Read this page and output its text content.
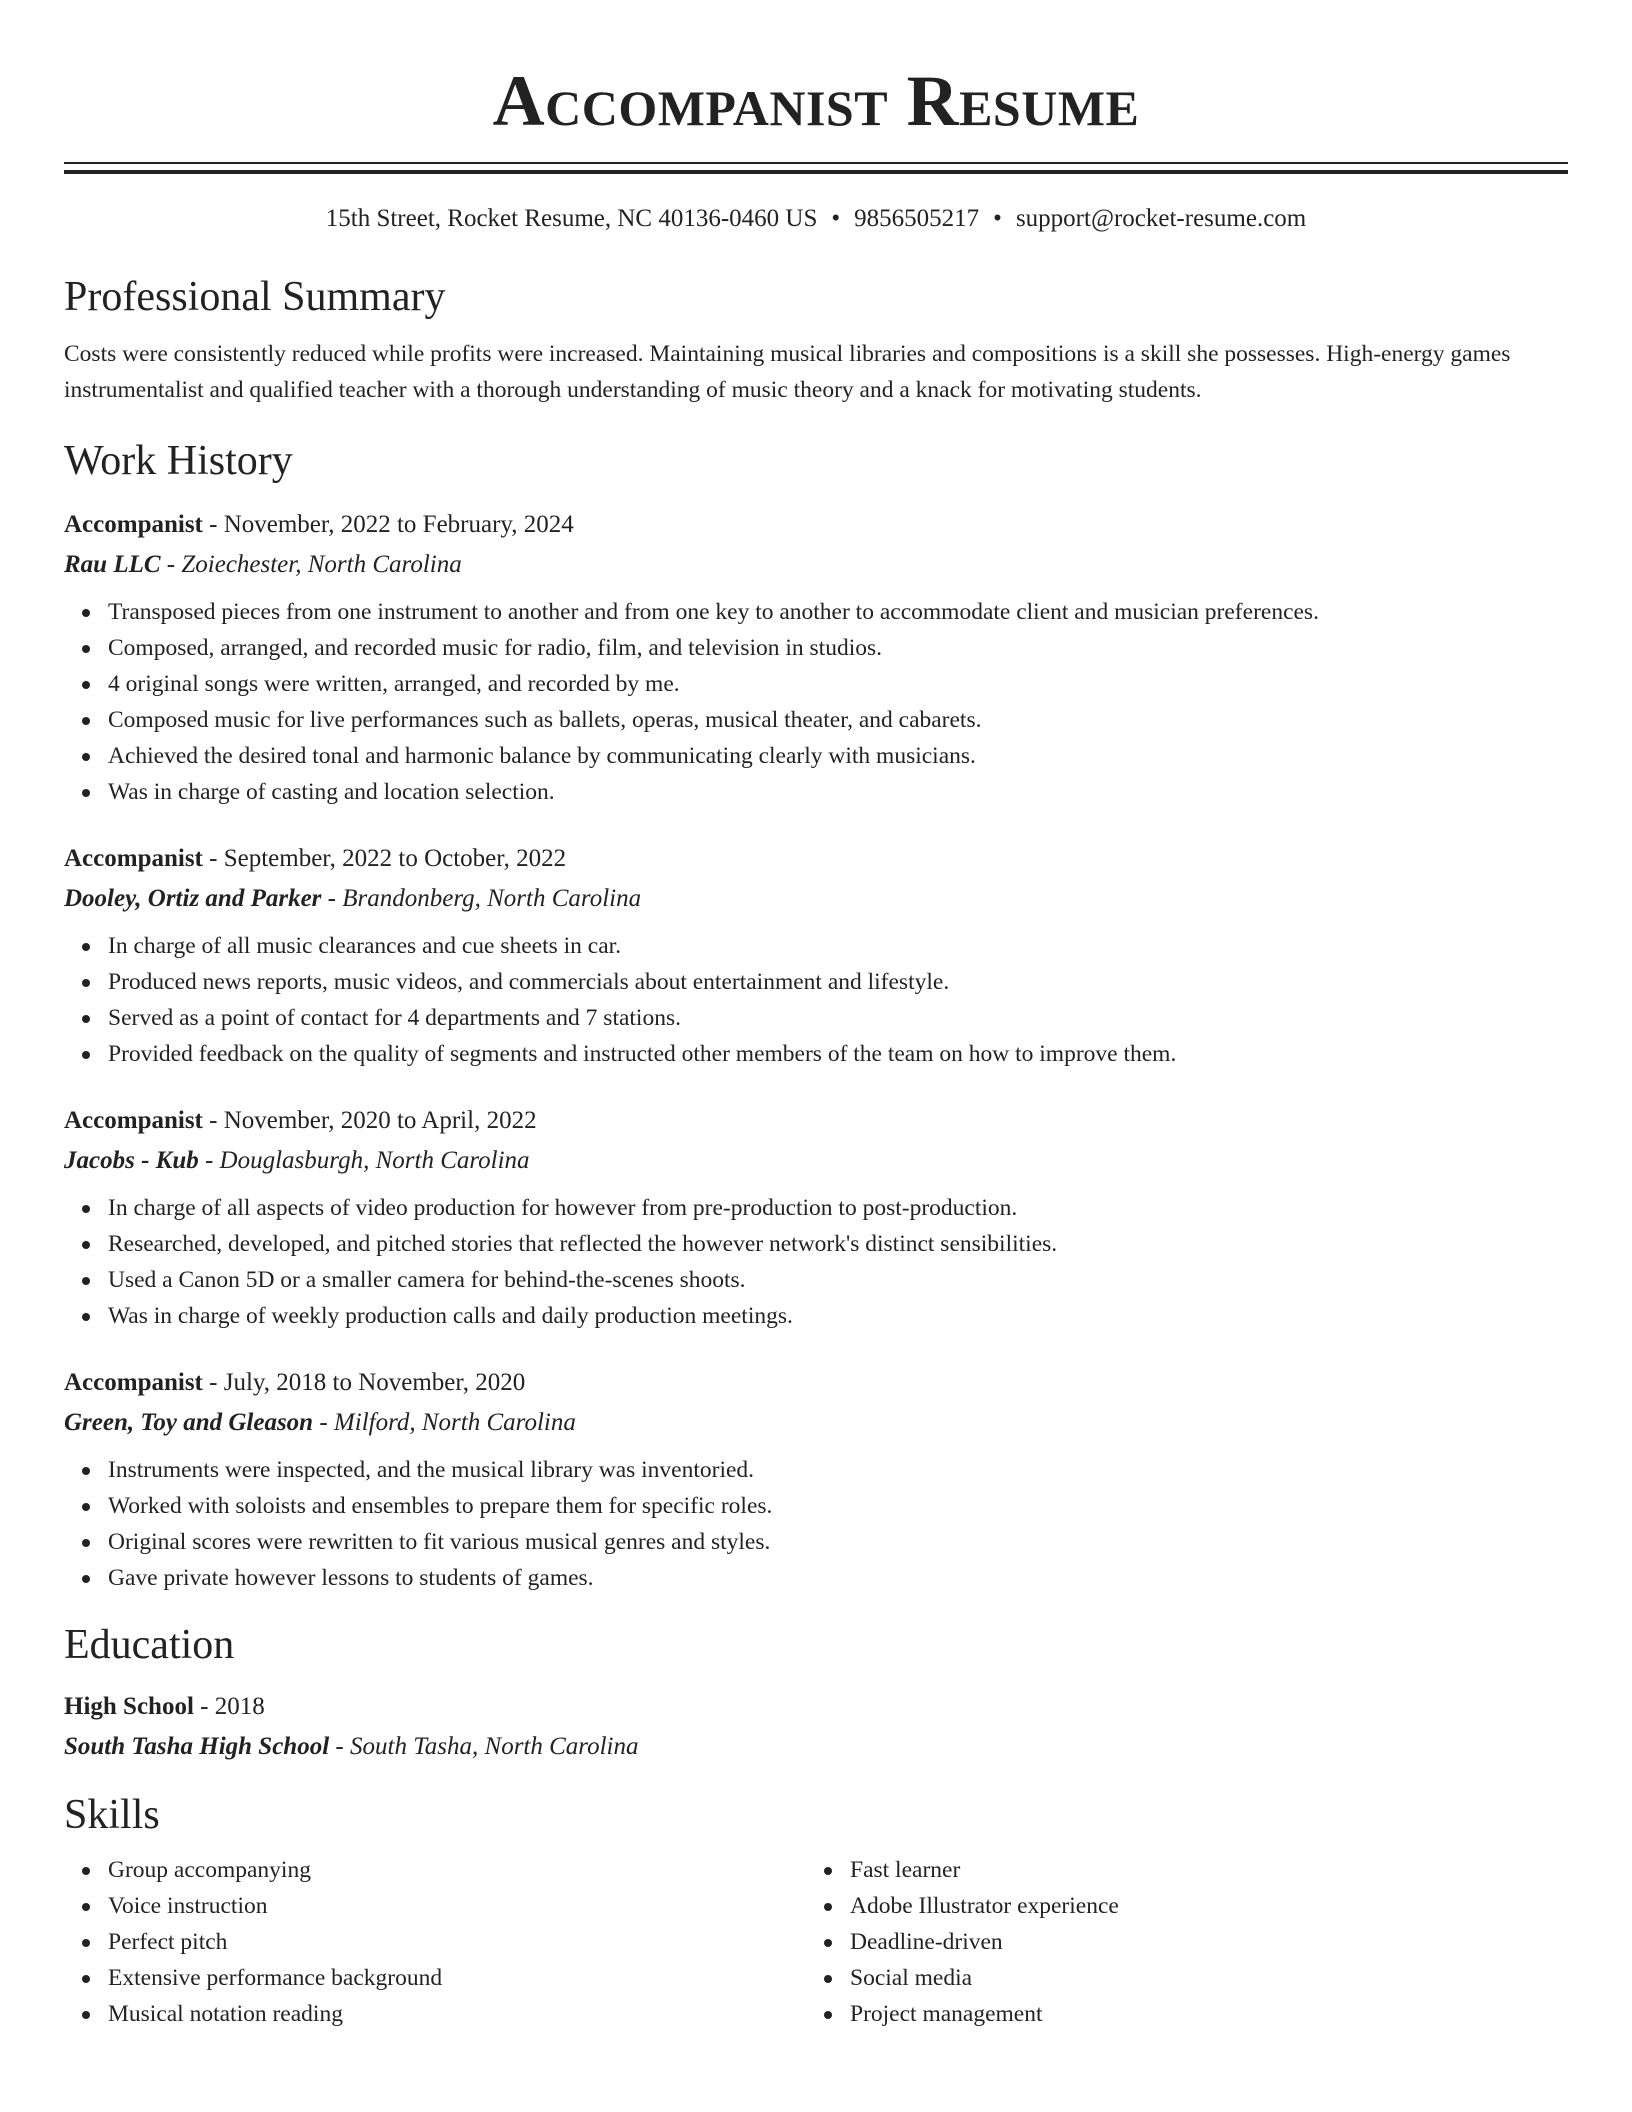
Accompanist Resume
15th Street, Rocket Resume, NC 40136-0460 US • 9856505217 • support@rocket-resume.com
Professional Summary
Costs were consistently reduced while profits were increased. Maintaining musical libraries and compositions is a skill she possesses. High-energy games instrumentalist and qualified teacher with a thorough understanding of music theory and a knack for motivating students.
Work History
Accompanist - November, 2022 to February, 2024
Rau LLC - Zoiechester, North Carolina
Transposed pieces from one instrument to another and from one key to another to accommodate client and musician preferences.
Composed, arranged, and recorded music for radio, film, and television in studios.
4 original songs were written, arranged, and recorded by me.
Composed music for live performances such as ballets, operas, musical theater, and cabarets.
Achieved the desired tonal and harmonic balance by communicating clearly with musicians.
Was in charge of casting and location selection.
Accompanist - September, 2022 to October, 2022
Dooley, Ortiz and Parker - Brandonberg, North Carolina
In charge of all music clearances and cue sheets in car.
Produced news reports, music videos, and commercials about entertainment and lifestyle.
Served as a point of contact for 4 departments and 7 stations.
Provided feedback on the quality of segments and instructed other members of the team on how to improve them.
Accompanist - November, 2020 to April, 2022
Jacobs - Kub - Douglasburgh, North Carolina
In charge of all aspects of video production for however from pre-production to post-production.
Researched, developed, and pitched stories that reflected the however network's distinct sensibilities.
Used a Canon 5D or a smaller camera for behind-the-scenes shoots.
Was in charge of weekly production calls and daily production meetings.
Accompanist - July, 2018 to November, 2020
Green, Toy and Gleason - Milford, North Carolina
Instruments were inspected, and the musical library was inventoried.
Worked with soloists and ensembles to prepare them for specific roles.
Original scores were rewritten to fit various musical genres and styles.
Gave private however lessons to students of games.
Education
High School - 2018
South Tasha High School - South Tasha, North Carolina
Skills
Group accompanying
Voice instruction
Perfect pitch
Extensive performance background
Musical notation reading
Fast learner
Adobe Illustrator experience
Deadline-driven
Social media
Project management
